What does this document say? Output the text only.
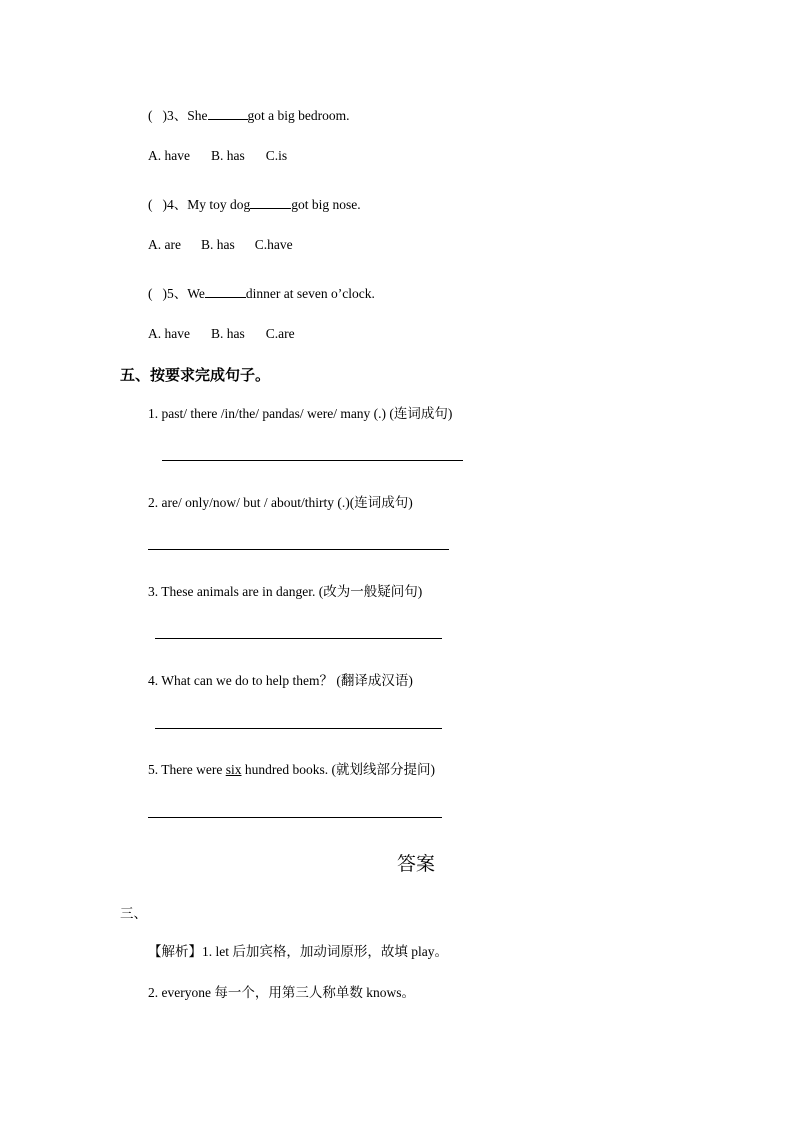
( )3、She	got a big bedroom.
A. have B. has C.is
( )4、My toy dog	got big nose.
A. are B. has C.have
( )5、We	dinner at seven o’clock.
A. have B. has C.are
五、按要求完成句子。
1. past/ there /in/the/ pandas/ were/ many (.) (连词成句)
2. are/ only/now/ but / about/thirty (.)(连词成句)
3. These animals are in danger. (改为一般疑问句)
4. What can we do to help them？ (翻译成汉语)
5. There were six hundred books. (就划线部分提问)
答案
三、
【解析】1. let 后加宾格，加动词原形，故填 play。
2. everyone 每一个，用第三人称单数 knows。
